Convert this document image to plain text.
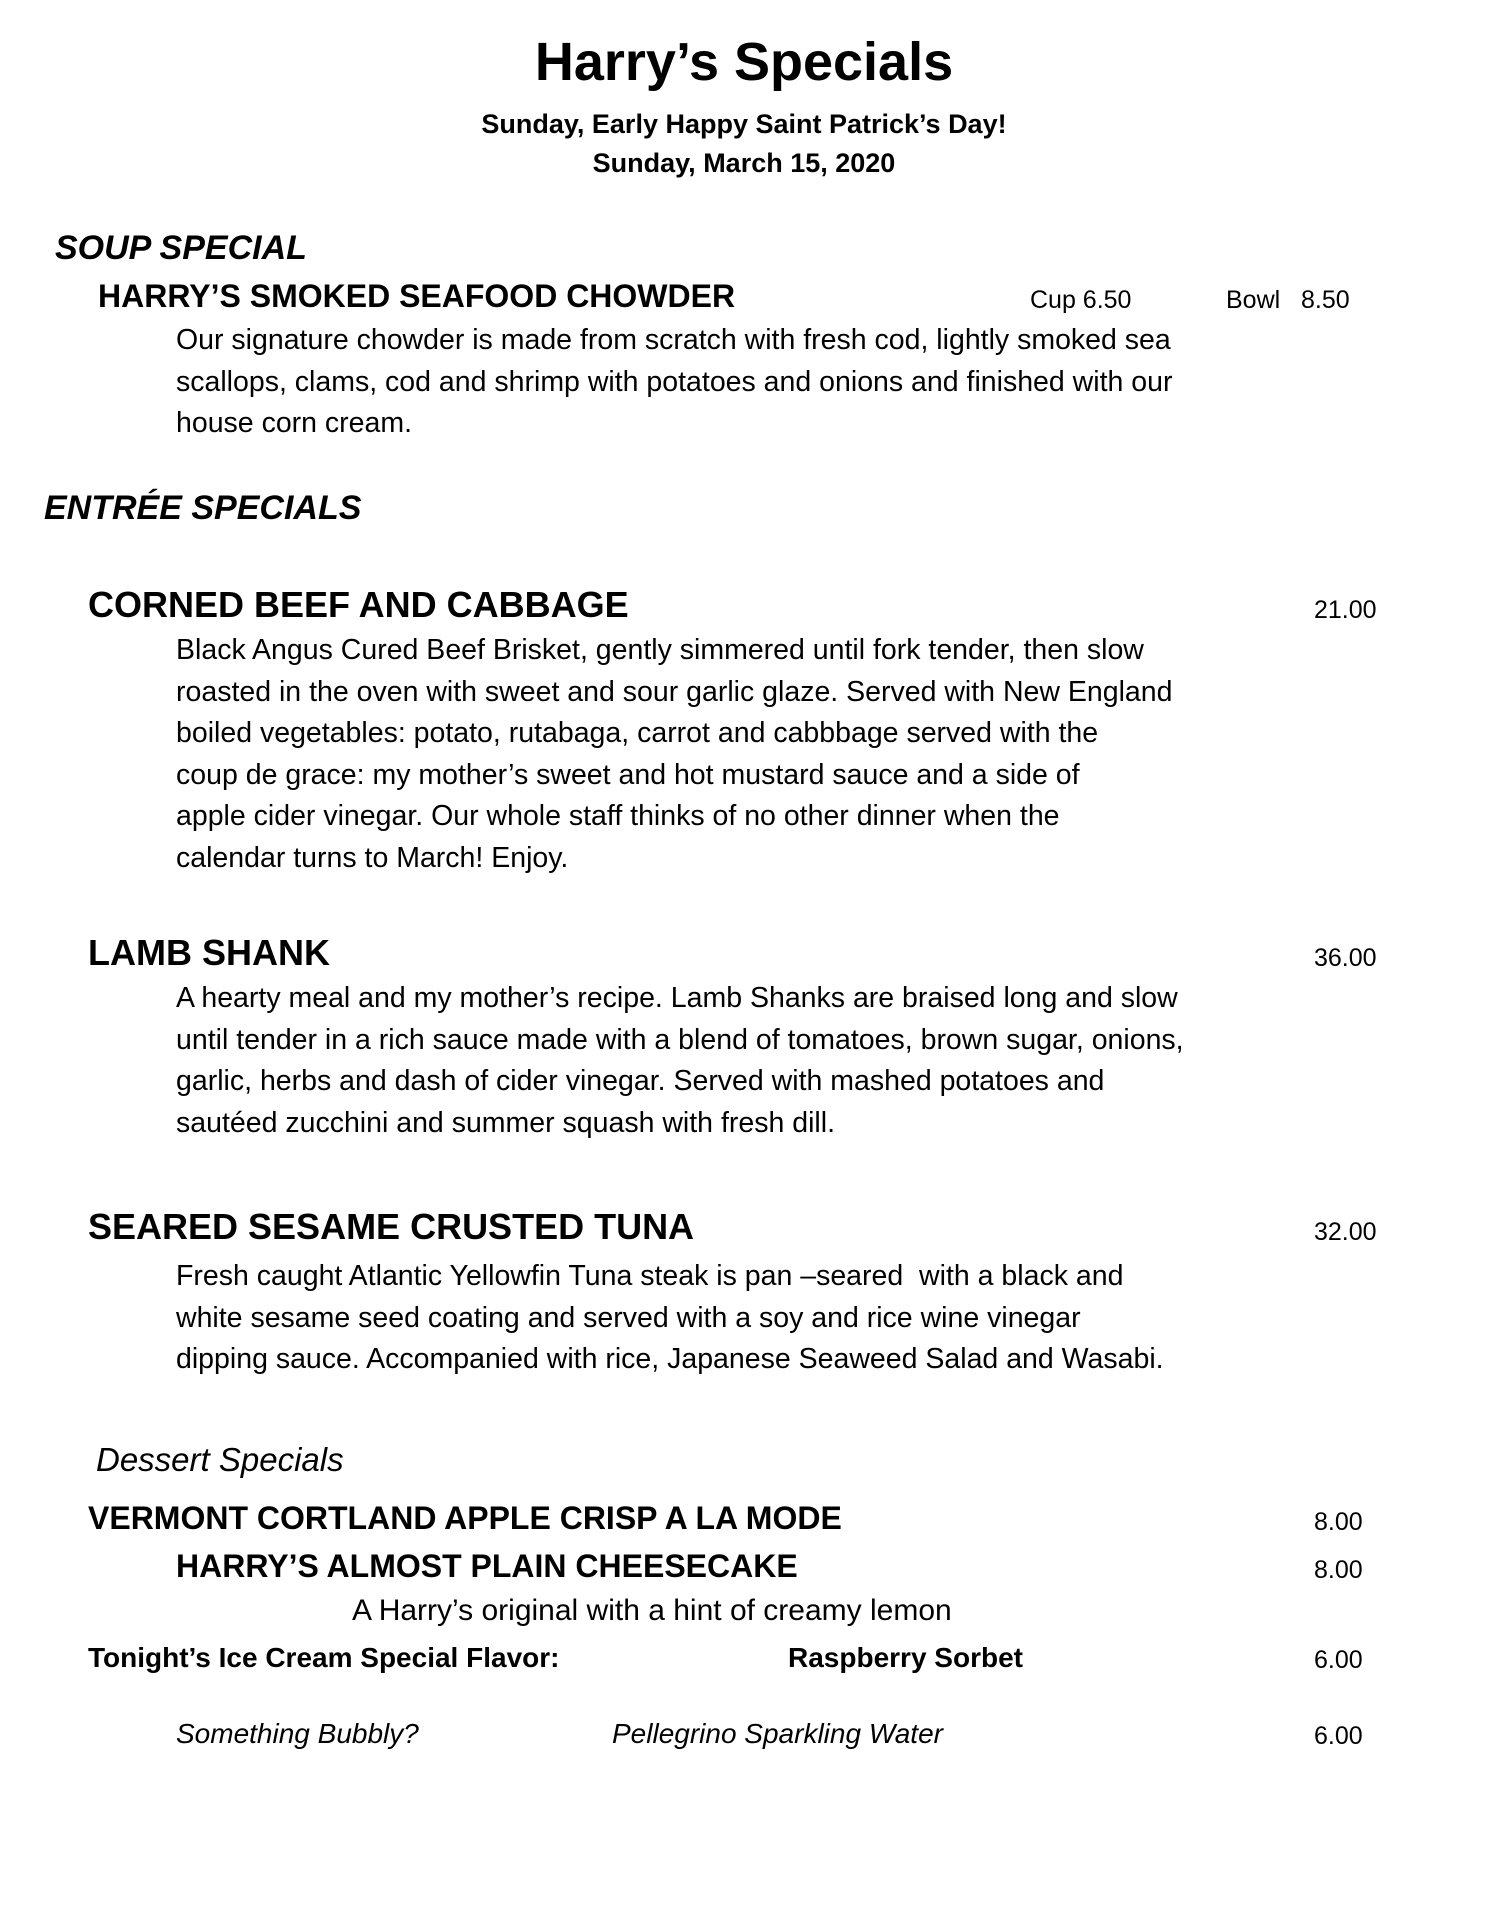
Harry’s Specials
Sunday, Early Happy Saint Patrick’s Day!
Sunday, March 15, 2020
SOUP SPECIAL
HARRY’S SMOKED SEAFOOD CHOWDER	Cup 6.50	Bowl   8.50
Our signature chowder is made from scratch with fresh cod, lightly smoked sea
scallops, clams, cod and shrimp with potatoes and onions and finished with our
house corn cream.
ENTRÉE SPECIALS
CORNED BEEF AND CABBAGE	21.00
Black Angus Cured Beef Brisket, gently simmered until fork tender, then slow
roasted in the oven with sweet and sour garlic glaze. Served with New England
boiled vegetables: potato, rutabaga, carrot and cabbbage served with the
coup de grace: my mother’s sweet and hot mustard sauce and a side of
apple cider vinegar. Our whole staff thinks of no other dinner when the
calendar turns to March! Enjoy.
LAMB SHANK	36.00
A hearty meal and my mother’s recipe. Lamb Shanks are braised long and slow
until tender in a rich sauce made with a blend of tomatoes, brown sugar, onions,
garlic, herbs and dash of cider vinegar. Served with mashed potatoes and
sautéed zucchini and summer squash with fresh dill.
SEARED SESAME CRUSTED TUNA	32.00
Fresh caught Atlantic Yellowfin Tuna steak is pan –seared  with a black and
white sesame seed coating and served with a soy and rice wine vinegar
dipping sauce. Accompanied with rice, Japanese Seaweed Salad and Wasabi.
Dessert Specials
VERMONT CORTLAND APPLE CRISP A LA MODE	8.00
HARRY’S ALMOST PLAIN CHEESECAKE	8.00
A Harry’s original with a hint of creamy lemon
Tonight’s Ice Cream Special Flavor:	Raspberry Sorbet	6.00
Something Bubbly?	Pellegrino Sparkling Water	6.00
